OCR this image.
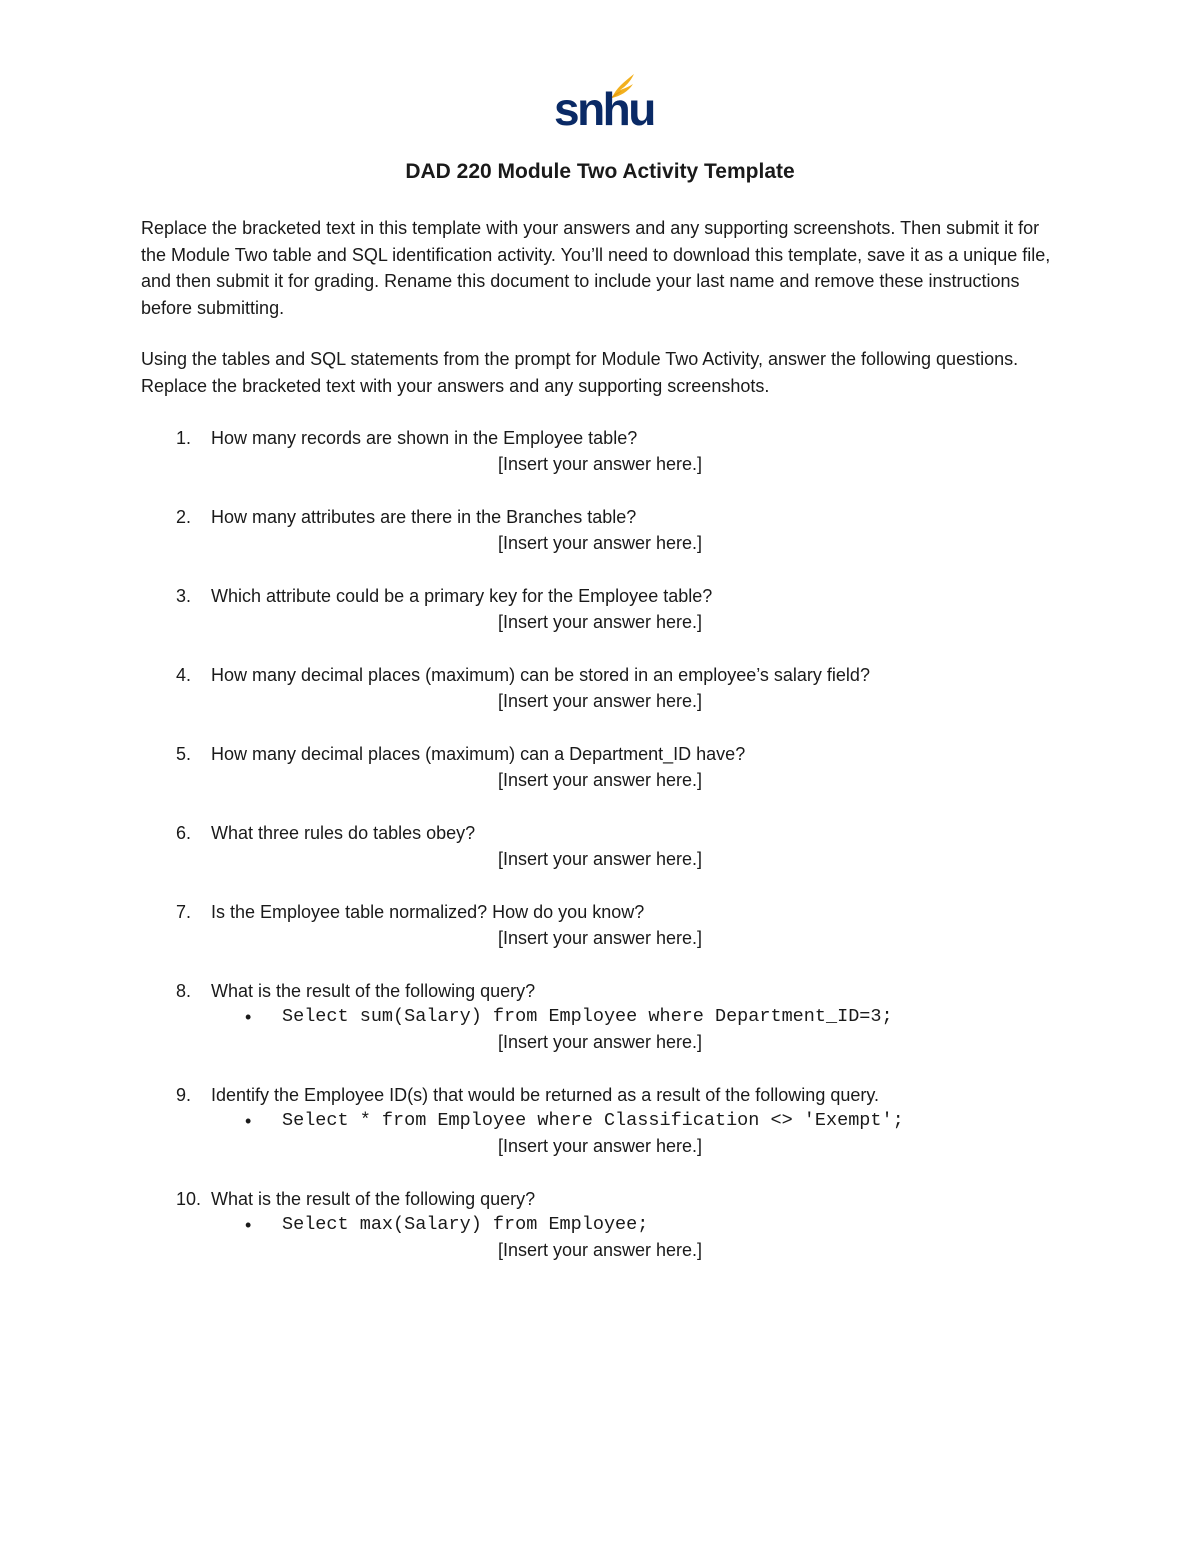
snhu
DAD 220 Module Two Activity Template
Replace the bracketed text in this template with your answers and any supporting screenshots. Then submit it for the Module Two table and SQL identification activity. You’ll need to download this template, save it as a unique file, and then submit it for grading. Rename this document to include your last name and remove these instructions before submitting.
Using the tables and SQL statements from the prompt for Module Two Activity, answer the following questions. Replace the bracketed text with your answers and any supporting screenshots.
1. How many records are shown in the Employee table?
[Insert your answer here.]
2. How many attributes are there in the Branches table?
[Insert your answer here.]
3. Which attribute could be a primary key for the Employee table?
[Insert your answer here.]
4. How many decimal places (maximum) can be stored in an employee’s salary field?
[Insert your answer here.]
5. How many decimal places (maximum) can a Department_ID have?
[Insert your answer here.]
6. What three rules do tables obey?
[Insert your answer here.]
7. Is the Employee table normalized? How do you know?
[Insert your answer here.]
8. What is the result of the following query?
• Select sum(Salary) from Employee where Department_ID=3;
[Insert your answer here.]
9. Identify the Employee ID(s) that would be returned as a result of the following query.
• Select * from Employee where Classification <> 'Exempt';
[Insert your answer here.]
10. What is the result of the following query?
• Select max(Salary) from Employee;
[Insert your answer here.]
